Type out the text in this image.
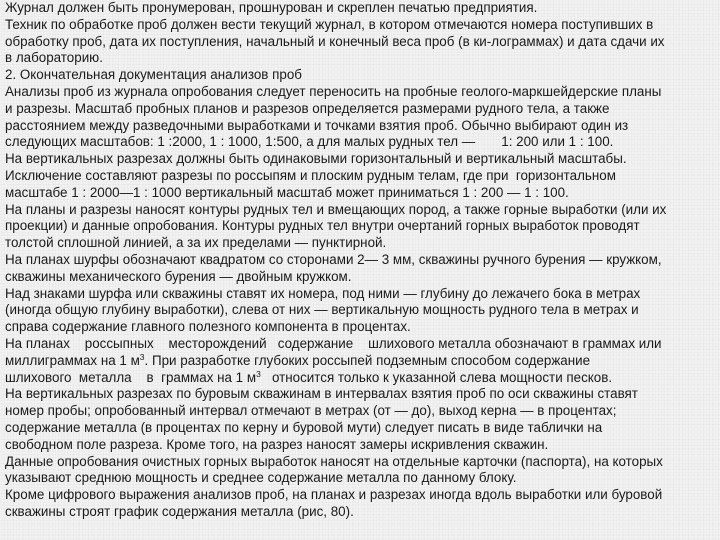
Журнал должен быть пронумерован, прошнурован и скреплен печатью предприятия.
Техник по обработке проб должен вести текущий журнал, в котором отмечаются номера поступивших в
обработку проб, дата их поступления, начальный и конечный веса проб (в ки-лограммах) и дата сдачи их
в лабораторию.
2. Окончательная документация анализов проб
Анализы проб из журнала опробования следует переносить на пробные геолого-маркшейдерские планы
и разрезы. Масштаб пробных планов и разрезов определяется размерами рудного тела, а также
расстоянием между разведочными выработками и точками взятия проб. Обычно выбирают один из
следующих масштабов: 1 :2000, 1 : 1000, 1:500, а для малых рудных тел —       1: 200 или 1 : 100.
На вертикальных разрезах должны быть одинаковыми горизонтальный и вертикальный масштабы.
Исключение составляют разрезы по россыпям и плоским рудным телам, где при  горизонтальном
масштабе 1 : 2000—1 : 1000 вертикальный масштаб может приниматься 1 : 200 — 1 : 100.
На планы и разрезы наносят контуры рудных тел и вмещающих пород, а также горные выработки (или их
проекции) и данные опробования. Контуры рудных тел внутри очертаний горных выработок проводят
толстой сплошной линией, а за их пределами — пунктирной.
На планах шурфы обозначают квадратом со сторонами 2— 3 мм, скважины ручного бурения — кружком,
скважины механического бурения — двойным кружком.
Над знаками шурфа или скважины ставят их номера, под ними — глубину до лежачего бока в метрах
(иногда общую глубину выработки), слева от них — вертикальную мощность рудного тела в метрах и
справа содержание главного полезного компонента в процентах.
На планах    россыпных    месторождений   содержание    шлихового металла обозначают в граммах или
миллиграммах на 1 $м^3$. При разработке глубоких россыпей подземным способом содержание
шлихового  металла    в  граммах на 1 $м^3$   относится только к указанной слева мощности песков.
На вертикальных разрезах по буровым скважинам в интервалах взятия проб по оси скважины ставят
номер пробы; опробованный интервал отмечают в метрах (от — до), выход керна — в процентах;
содержание металла (в процентах по керну и буровой мути) следует писать в виде таблички на
свободном поле разреза. Кроме того, на разрез наносят замеры искривления скважин.
Данные опробования очистных горных выработок наносят на отдельные карточки (паспорта), на которых
указывают среднюю мощность и среднее содержание металла по данному блоку.
Кроме цифрового выражения анализов проб, на планах и разрезах иногда вдоль выработки или буровой
скважины строят график содержания металла (рис, 80).
